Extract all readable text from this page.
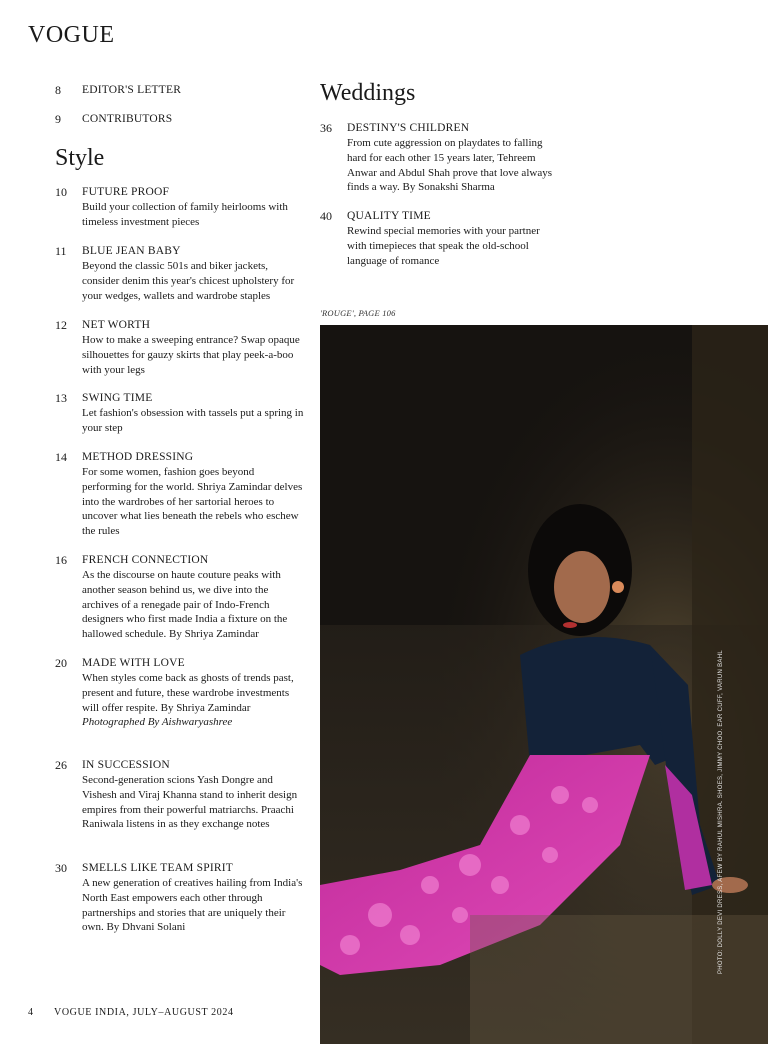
VOGUE
8 EDITOR'S LETTER
9 CONTRIBUTORS
Style
10 FUTURE PROOF
Build your collection of family heirlooms with timeless investment pieces
11 BLUE JEAN BABY
Beyond the classic 501s and biker jackets, consider denim this year's chicest upholstery for your wedges, wallets and wardrobe staples
12 NET WORTH
How to make a sweeping entrance? Swap opaque silhouettes for gauzy skirts that play peek-a-boo with your legs
13 SWING TIME
Let fashion's obsession with tassels put a spring in your step
14 METHOD DRESSING
For some women, fashion goes beyond performing for the world. Shriya Zamindar delves into the wardrobes of her sartorial heroes to uncover what lies beneath the rebels who eschew the rules
16 FRENCH CONNECTION
As the discourse on haute couture peaks with another season behind us, we dive into the archives of a renegade pair of Indo-French designers who first made India a fixture on the hallowed schedule. By Shriya Zamindar
20 MADE WITH LOVE
When styles come back as ghosts of trends past, present and future, these wardrobe investments will offer respite. By Shriya Zamindar
Photographed By Aishwaryashree
26 IN SUCCESSION
Second-generation scions Yash Dongre and Vishesh and Viraj Khanna stand to inherit design empires from their powerful matriarchs. Praachi Raniwala listens in as they exchange notes
30 SMELLS LIKE TEAM SPIRIT
A new generation of creatives hailing from India's North East empowers each other through partnerships and stories that are uniquely their own. By Dhvani Solani
Weddings
36 DESTINY'S CHILDREN
From cute aggression on playdates to falling hard for each other 15 years later, Tehreem Anwar and Abdul Shah prove that love always finds a way. By Sonakshi Sharma
40 QUALITY TIME
Rewind special memories with your partner with timepieces that speak the old-school language of romance
'ROUGE', PAGE 106
PHOTO: DOLLY DEVI DRESS, AFEW BY RAHUL MISHRA. SHOES, JIMMY CHOO. EAR CUFF, VARUN BAHL
4 VOGUE INDIA, JULY–AUGUST 2024
